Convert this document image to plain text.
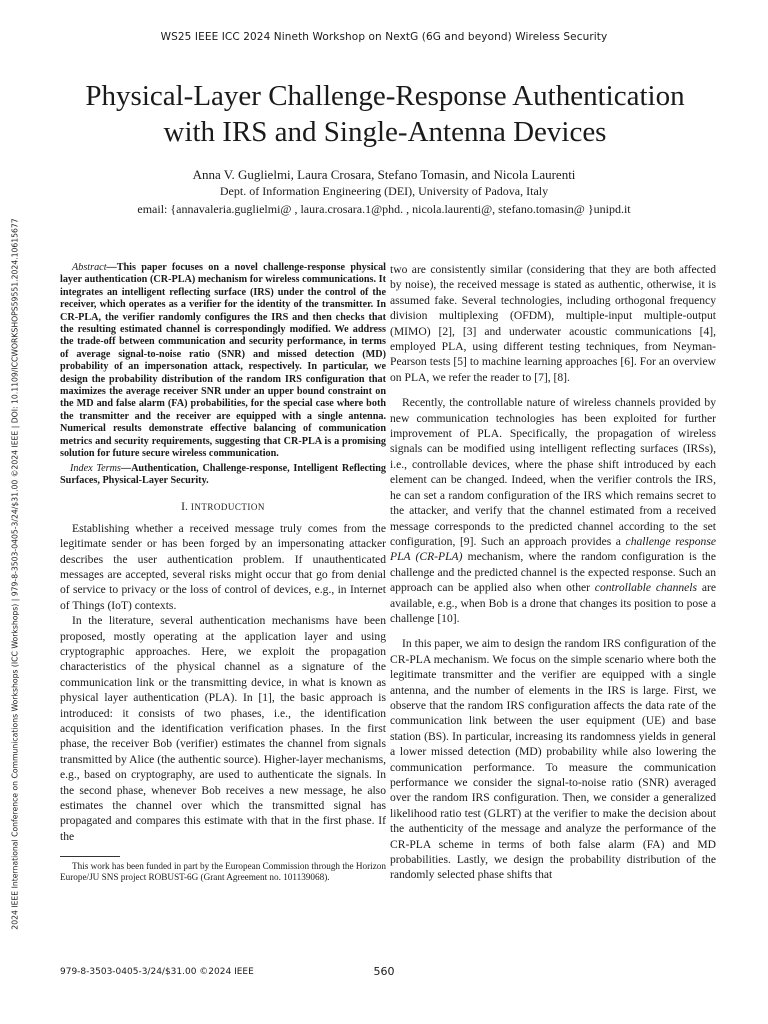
WS25 IEEE ICC 2024 Nineth Workshop on NextG (6G and beyond) Wireless Security
Physical-Layer Challenge-Response Authentication
with IRS and Single-Antenna Devices
Anna V. Guglielmi, Laura Crosara, Stefano Tomasin, and Nicola Laurenti
Dept. of Information Engineering (DEI), University of Padova, Italy
email: {annavaleria.guglielmi@ , laura.crosara.1@phd. , nicola.laurenti@, stefano.tomasin@ }unipd.it
2024 IEEE International Conference on Communications Workshops (ICC Workshops) | 979-8-3503-0405-3/24/$31.00 ©2024 IEEE | DOI: 10.1109/ICCWORKSHOPS59551.2024.10615677	Abstract—This paper focuses on a novel challenge-response physical layer authentication (CR-PLA) mechanism for wireless communications. It integrates an intelligent reflecting surface (IRS) under the control of the receiver, which operates as a verifier for the identity of the transmitter. In CR-PLA, the verifier randomly configures the IRS and then checks that the resulting estimated channel is correspondingly modified. We address the trade-off between communication and security performance, in terms of average signal-to-noise ratio (SNR) and missed detection (MD) probability of an impersonation attack, respectively. In particular, we design the probability distribution of the random IRS configuration that maximizes the average receiver SNR under an upper bound constraint on the MD and false alarm (FA) probabilities, for the special case where both the transmitter and the receiver are equipped with a single antenna. Numerical results demonstrate effective balancing of communication metrics and security requirements, suggesting that CR-PLA is a promising solution for future secure wireless communication.

Index Terms—Authentication, Challenge-response, Intelligent Reflecting Surfaces, Physical-Layer Security.

I. INTRODUCTION

Establishing whether a received message truly comes from the legitimate sender or has been forged by an impersonating attacker describes the user authentication problem. If unauthenticated messages are accepted, several risks might occur that go from denial of service to privacy or the loss of control of devices, e.g., in Internet of Things (IoT) contexts.

In the literature, several authentication mechanisms have been proposed, mostly operating at the application layer and using cryptographic approaches. Here, we exploit the propagation characteristics of the physical channel as a signature of the communication link or the transmitting device, in what is known as physical layer authentication (PLA). In [1], the basic approach is introduced: it consists of two phases, i.e., the identification acquisition and the identification verification phases. In the first phase, the receiver Bob (verifier) estimates the channel from signals transmitted by Alice (the authentic source). Higher-layer mechanisms, e.g., based on cryptography, are used to authenticate the signals. In the second phase, whenever Bob receives a new message, he also estimates the channel over which the transmitted signal has propagated and compares this estimate with that in the first phase. If the

This work has been funded in part by the European Commission through the Horizon Europe/JU SNS project ROBUST-6G (Grant Agreement no. 101139068).

two are consistently similar (considering that they are both affected by noise), the received message is stated as authentic, otherwise, it is assumed fake. Several technologies, including orthogonal frequency division multiplexing (OFDM), multiple-input multiple-output (MIMO) [2], [3] and underwater acoustic communications [4], employed PLA, using different testing techniques, from Neyman-Pearson tests [5] to machine learning approaches [6]. For an overview on PLA, we refer the reader to [7], [8].

Recently, the controllable nature of wireless channels provided by new communication technologies has been exploited for further improvement of PLA. Specifically, the propagation of wireless signals can be modified using intelligent reflecting surfaces (IRSs), i.e., controllable devices, where the phase shift introduced by each element can be changed. Indeed, when the verifier controls the IRS, he can set a random configuration of the IRS which remains secret to the attacker, and verify that the channel estimated from a received message corresponds to the predicted channel according to the set configuration, [9]. Such an approach provides a challenge response PLA (CR-PLA) mechanism, where the random configuration is the challenge and the predicted channel is the expected response. Such an approach can be applied also when other controllable channels are available, e.g., when Bob is a drone that changes its position to pose a challenge [10].

In this paper, we aim to design the random IRS configuration of the CR-PLA mechanism. We focus on the simple scenario where both the legitimate transmitter and the verifier are equipped with a single antenna, and the number of elements in the IRS is large. First, we observe that the random IRS configuration affects the data rate of the communication link between the user equipment (UE) and base station (BS). In particular, increasing its randomness yields in general a lower missed detection (MD) probability while also lowering the communication performance. To measure the communication performance we consider the signal-to-noise ratio (SNR) averaged over the random IRS configuration. Then, we consider a generalized likelihood ratio test (GLRT) at the verifier to make the decision about the authenticity of the message and analyze the performance of the CR-PLA scheme in terms of both false alarm (FA) and MD probabilities. Lastly, we design the probability distribution of the randomly selected phase shifts that

979-8-3503-0405-3/24/$31.00 ©2024 IEEE	560
